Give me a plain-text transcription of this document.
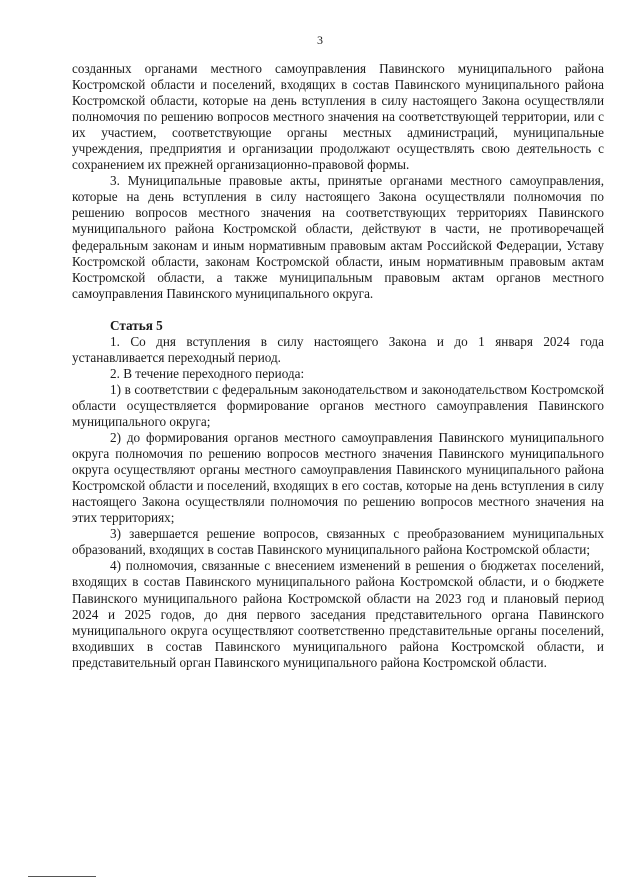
3

созданных органами местного самоуправления Павинского муниципального района Костромской области и поселений, входящих в состав Павинского муниципального района Костромской области, которые на день вступления в силу настоящего Закона осуществляли полномочия по решению вопросов местного значения на соответствующей территории, или с их участием, соответствующие органы местных администраций, муниципальные учреждения, предприятия и организации продолжают осуществлять свою деятельность с сохранением их прежней организационно-правовой формы.

3. Муниципальные правовые акты, принятые органами местного самоуправления, которые на день вступления в силу настоящего Закона осуществляли полномочия по решению вопросов местного значения на соответствующих территориях Павинского муниципального района Костромской области, действуют в части, не противоречащей федеральным законам и иным нормативным правовым актам Российской Федерации, Уставу Костромской области, законам Костромской области, иным нормативным правовым актам Костромской области, а также муниципальным правовым актам органов местного самоуправления Павинского муниципального округа.

Статья 5

1. Со дня вступления в силу настоящего Закона и до 1 января 2024 года устанавливается переходный период.

2. В течение переходного периода:

1) в соответствии с федеральным законодательством и законодательством Костромской области осуществляется формирование органов местного самоуправления Павинского муниципального округа;

2) до формирования органов местного самоуправления Павинского муниципального округа полномочия по решению вопросов местного значения Павинского муниципального округа осуществляют органы местного самоуправления Павинского муниципального района Костромской области и поселений, входящих в его состав, которые на день вступления в силу настоящего Закона осуществляли полномочия по решению вопросов местного значения на этих территориях;

3) завершается решение вопросов, связанных с преобразованием муниципальных образований, входящих в состав Павинского муниципального района Костромской области;

4) полномочия, связанные с внесением изменений в решения о бюджетах поселений, входящих в состав Павинского муниципального района Костромской области, и о бюджете Павинского муниципального района Костромской области на 2023 год и плановый период 2024 и 2025 годов, до дня первого заседания представительного органа Павинского муниципального округа осуществляют соответственно представительные органы поселений, входивших в состав Павинского муниципального района Костромской области, и представительный орган Павинского муниципального района Костромской области.
